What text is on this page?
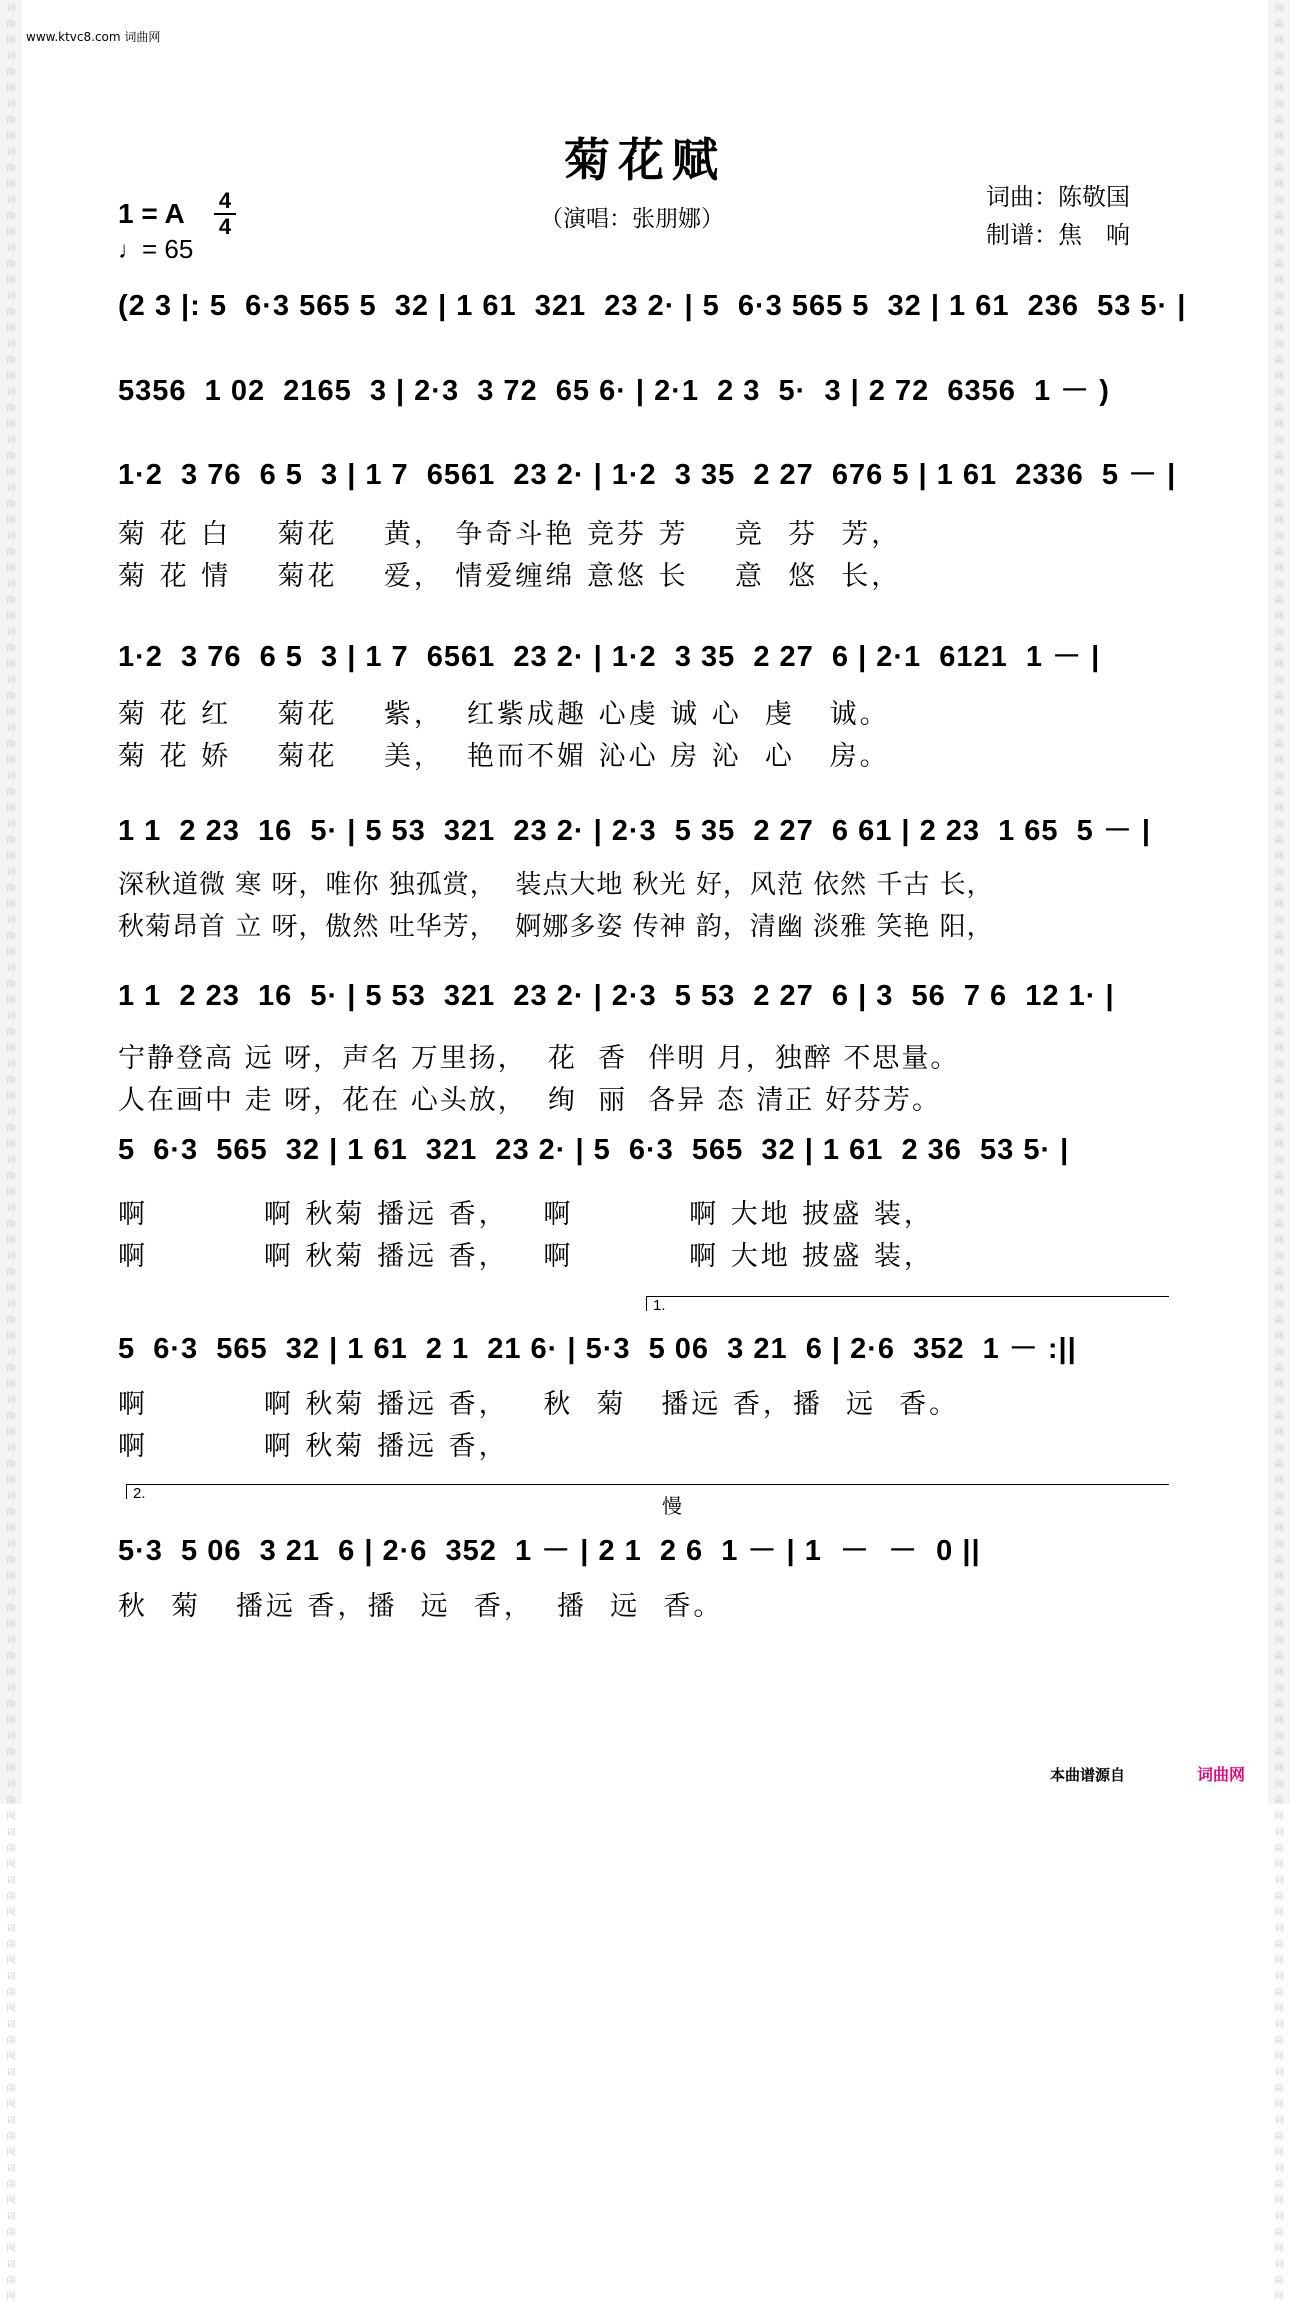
词
曲
网
词
曲
网
词
曲
网
词
曲
网
词
曲
网
词
曲
网
词
曲
网
词
曲
网
词
曲
网
词
曲
网
词
曲
网
词
曲
网
词
曲
网
词
曲
网
词
曲
网
词
曲
网
词
曲
网
词
曲
网
词
曲
网
词
曲
网
词
曲
网
词
曲
网
词
曲
网
词
曲
网
词
曲
网
词
曲
网
词
曲
网
词
曲
网
词
曲
网
词
曲
网
词
曲
网
词
曲
网
词
曲
网
词
曲
网
词
曲
网
词
曲
网
词
曲
网
词
曲
网
词
曲
网
词
曲
网
词
曲
网
词
曲
网
词
曲
网
词
曲
网
词
曲
网
词
曲
网
词
曲
网
词
曲
网
词
曲
网
词
曲
网
词
曲
网
词
曲
网
词
曲
网
词
曲
网
词
曲
网
词
曲
网
词
曲
网
词
曲
网
词
曲
网
词
曲
网
词
曲
网
词
曲
网
词
曲
网
词
曲
网
词
曲
网
词
曲
网
词
曲
网
词
曲
网
词
曲
网
词
曲
网
词
曲
网
词
曲
网
词
曲
网
词
曲
网
词
曲
网
词
曲
网
词
曲
网
词
曲
网
词
曲
网
词
曲
网
词
曲
网
词
曲
网
词
曲
网
词
曲
网
词
曲
网
词
曲
网
词
曲
网
词
曲
网
词
曲
网
词
曲
网
词
曲
网
词
曲
网
词
曲
网
词
曲
网
词
曲
网
词
曲
网
www.ktvc8.com 词曲网
菊花赋
（演唱：张朋娜）
词曲：陈敬国
制谱：焦　响
1 = A 4
4
♩= 65
(2 3 |: 5  6·3 565 5  32 | 1 61  321  23 2· | 5  6·3 565 5  32 | 1 61  236  53 5· |
5356  1 02  2165  3 | 2·3  3 72  65 6· | 2·1  2 3  5·  3 | 2 72  6356  1 － )
1·2  3 76  6 5  3 | 1 7  6561  23 2· | 1·2  3 35  2 27  676 5 | 1 61  2336  5 － |
菊 花 白    菊花    黄， 争奇斗艳 竞芬 芳    竞  芬  芳，
菊 花 情    菊花    爱， 情爱缠绵 意悠 长    意  悠  长，
1·2  3 76  6 5  3 | 1 7  6561  23 2· | 1·2  3 35  2 27  6 | 2·1  6121  1 － |
菊 花 红    菊花    紫，  红紫成趣 心虔 诚 心  虔   诚。
菊 花 娇    菊花    美，  艳而不媚 沁心 房 沁  心   房。
1 1  2 23  16  5· | 5 53  321  23 2· | 2·3  5 35  2 27  6 61 | 2 23  1 65  5 － |
深秋道微 寒 呀，唯你 独孤赏，  装点大地 秋光 好，风范 依然 千古 长，
秋菊昂首 立 呀，傲然 吐华芳，  婀娜多姿 传神 韵，清幽 淡雅 笑艳 阳，
1 1  2 23  16  5· | 5 53  321  23 2· | 2·3  5 53  2 27  6 | 3  56  7 6  12 1· |
宁静登高 远 呀，声名 万里扬，  花  香  伴明 月，独醉 不思量。
人在画中 走 呀，花在 心头放，  绚  丽  各异 态 清正 好芬芳。
5  6·3  565  32 | 1 61  321  23 2· | 5  6·3  565  32 | 1 61  2 36  53 5· |
啊          啊 秋菊 播远 香，   啊          啊 大地 披盛 装，
啊          啊 秋菊 播远 香，   啊          啊 大地 披盛 装，
1.
5  6·3  565  32 | 1 61  2 1  21 6· | 5·3  5 06  3 21  6 | 2·6  352  1 － :||
啊          啊 秋菊 播远 香，   秋  菊   播远 香，播  远  香。
啊          啊 秋菊 播远 香，
2.
慢
5·3  5 06  3 21  6 | 2·6  352  1 － | 2 1  2 6  1 － | 1  －  －  0 ||
秋  菊   播远 香，播  远  香，  播  远  香。
本曲谱源自	词曲网
